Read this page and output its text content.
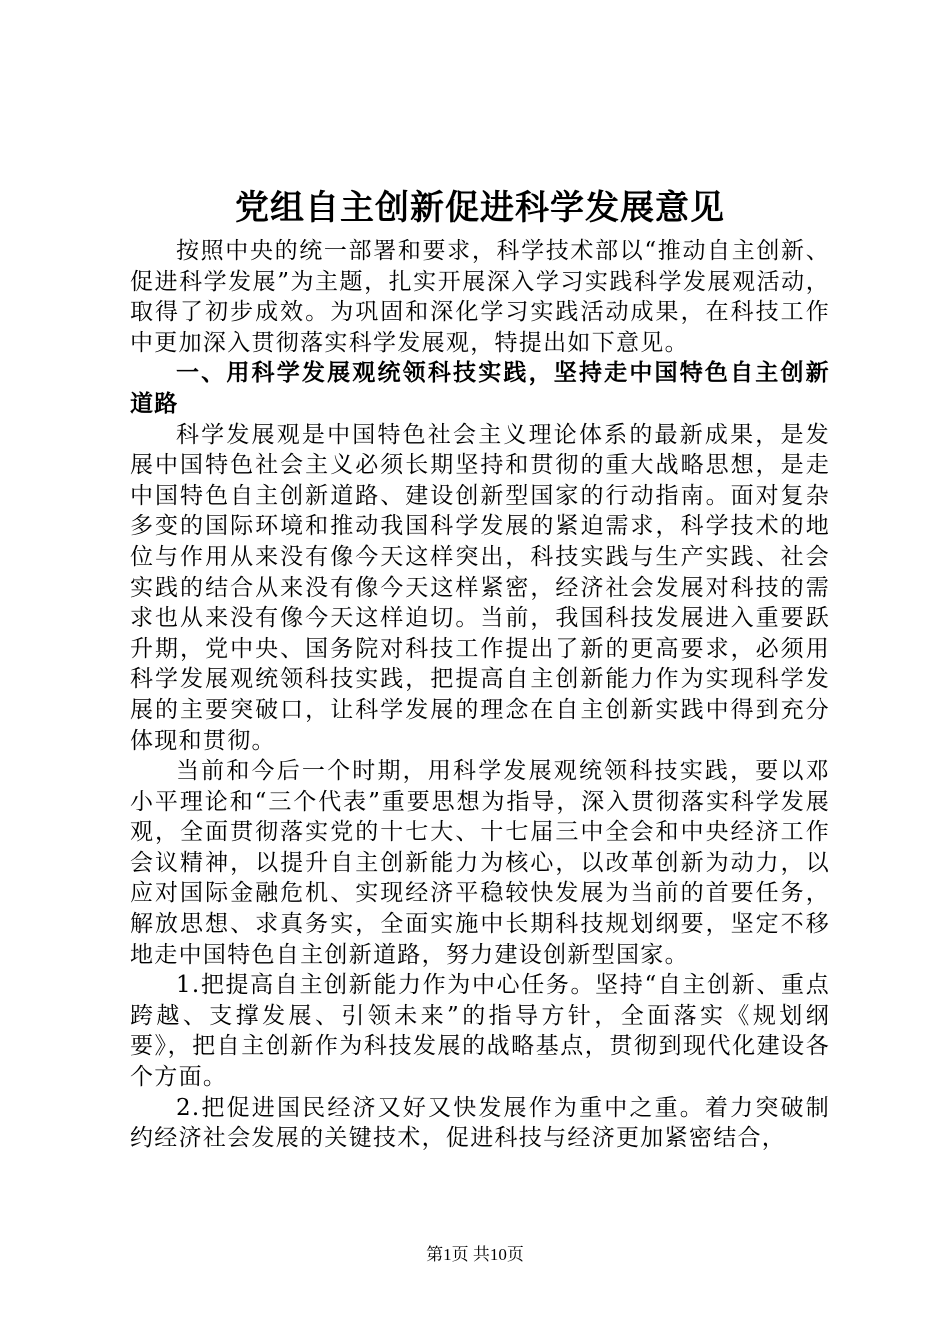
党组自主创新促进科学发展意见

按照中央的统一部署和要求，科学技术部以“推动自主创新、促进科学发展”为主题，扎实开展深入学习实践科学发展观活动，取得了初步成效。为巩固和深化学习实践活动成果，在科技工作中更加深入贯彻落实科学发展观，特提出如下意见。

一、用科学发展观统领科技实践，坚持走中国特色自主创新道路

科学发展观是中国特色社会主义理论体系的最新成果，是发展中国特色社会主义必须长期坚持和贯彻的重大战略思想，是走中国特色自主创新道路、建设创新型国家的行动指南。面对复杂多变的国际环境和推动我国科学发展的紧迫需求，科学技术的地位与作用从来没有像今天这样突出，科技实践与生产实践、社会实践的结合从来没有像今天这样紧密，经济社会发展对科技的需求也从来没有像今天这样迫切。当前，我国科技发展进入重要跃升期，党中央、国务院对科技工作提出了新的更高要求，必须用科学发展观统领科技实践，把提高自主创新能力作为实现科学发展的主要突破口，让科学发展的理念在自主创新实践中得到充分体现和贯彻。

当前和今后一个时期，用科学发展观统领科技实践，要以邓小平理论和“三个代表”重要思想为指导，深入贯彻落实科学发展观，全面贯彻落实党的十七大、十七届三中全会和中央经济工作会议精神，以提升自主创新能力为核心，以改革创新为动力，以应对国际金融危机、实现经济平稳较快发展为当前的首要任务，解放思想、求真务实，全面实施中长期科技规划纲要，坚定不移地走中国特色自主创新道路，努力建设创新型国家。

1.把提高自主创新能力作为中心任务。坚持“自主创新、重点跨越、支撑发展、引领未来”的指导方针，全面落实《规划纲要》，把自主创新作为科技发展的战略基点，贯彻到现代化建设各个方面。

2.把促进国民经济又好又快发展作为重中之重。着力突破制约经济社会发展的关键技术，促进科技与经济更加紧密结合，

第1页 共10页
